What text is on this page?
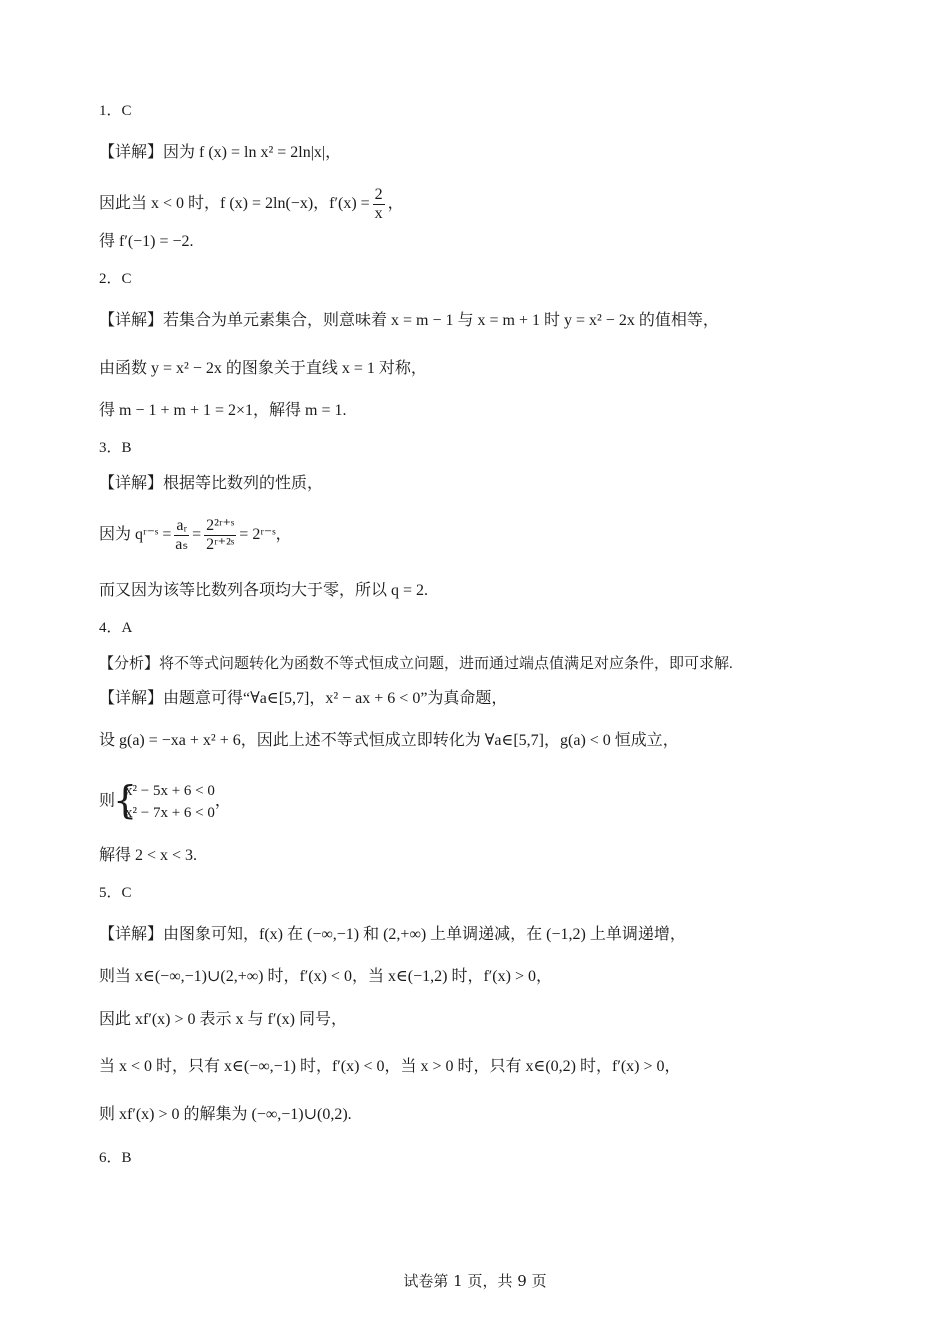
1．C
【详解】因为 f (x) = ln x² = 2ln|x|，
因此当 x < 0 时，f (x) = 2ln(−x)，$f'(x) = \frac{2}{x}$ ，
得 f′(−1) = −2.
2．C
【详解】若集合为单元素集合，则意味着 x = m − 1 与 x = m + 1 时 y = x² − 2x 的值相等，
由函数 y = x² − 2x 的图象关于直线 x = 1 对称，
得 m − 1 + m + 1 = 2×1，解得 m = 1.
3．B
【详解】根据等比数列的性质，
因为 qʳ⁻ˢ = $\frac{\text{aᵣ}}{\text{aₛ}} = \frac{\text{2²ʳ⁺ˢ}}{\text{2ʳ⁺²ˢ}}$ = 2ʳ⁻ˢ，
而又因为该等比数列各项均大于零，所以 q = 2.
4．A
【分析】将不等式问题转化为函数不等式恒成立问题，进而通过端点值满足对应条件，即可求解.
【详解】由题意可得“∀a∈[5,7]，x² − ax + 6 < 0”为真命题，
设 g(a) = −xa + x² + 6，因此上述不等式恒成立即转化为 ∀a∈[5,7]，g(a) < 0 恒成立，
则
{
x² − 5x + 6 < 0
x² − 7x + 6 < 0
，
解得 2 < x < 3.
5．C
【详解】由图象可知，f(x) 在 (−∞,−1) 和 (2,+∞) 上单调递减，在 (−1,2) 上单调递增，
则当 x∈(−∞,−1)∪(2,+∞) 时，f′(x) < 0，当 x∈(−1,2) 时，f′(x) > 0，
因此 xf′(x) > 0 表示 x 与 f′(x) 同号，
当 x < 0 时，只有 x∈(−∞,−1) 时，f′(x) < 0，当 x > 0 时，只有 x∈(0,2) 时，f′(x) > 0，
则 xf′(x) > 0 的解集为 (−∞,−1)∪(0,2).
6．B
试卷第 1 页，共 9 页
